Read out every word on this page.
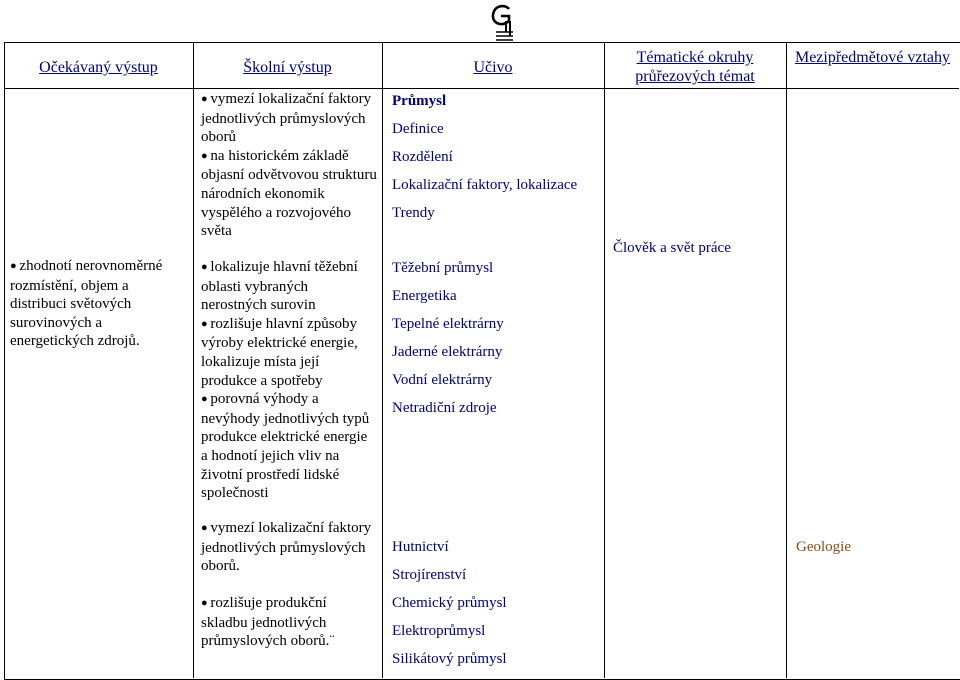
Očekávaný výstup	Školní výstup	Učivo
Tématické okruhy průřezových témat
Mezipředmětové vztahy
● zhodnotí nerovnoměrné rozmístění, objem a distribuci světových surovinových a energetických zdrojů.
● vymezí lokalizační faktory jednotlivých průmyslových oborů
● na historickém základě objasní odvětvovou strukturu národních ekonomik vyspělého a rozvojového světa
● lokalizuje hlavní těžební oblasti vybraných nerostných surovin
● rozlišuje hlavní způsoby výroby elektrické energie, lokalizuje místa její produkce a spotřeby
● porovná výhody a nevýhody jednotlivých typů produkce elektrické energie a hodnotí jejich vliv na životní prostředí lidské společnosti
● vymezí lokalizační faktory jednotlivých průmyslových oborů.
● rozlišuje produkční skladbu jednotlivých průmyslových oborů.¨
Průmysl
Definice
Rozdělení
Lokalizační faktory, lokalizace
Trendy
Těžební průmysl
Energetika
Tepelné elektrárny
Jaderné elektrárny
Vodní elektrárny
Netradiční zdroje
Hutnictví
Strojírenství
Chemický průmysl
Elektroprůmysl
Silikátový průmysl
Člověk a svět práce
Geologie
